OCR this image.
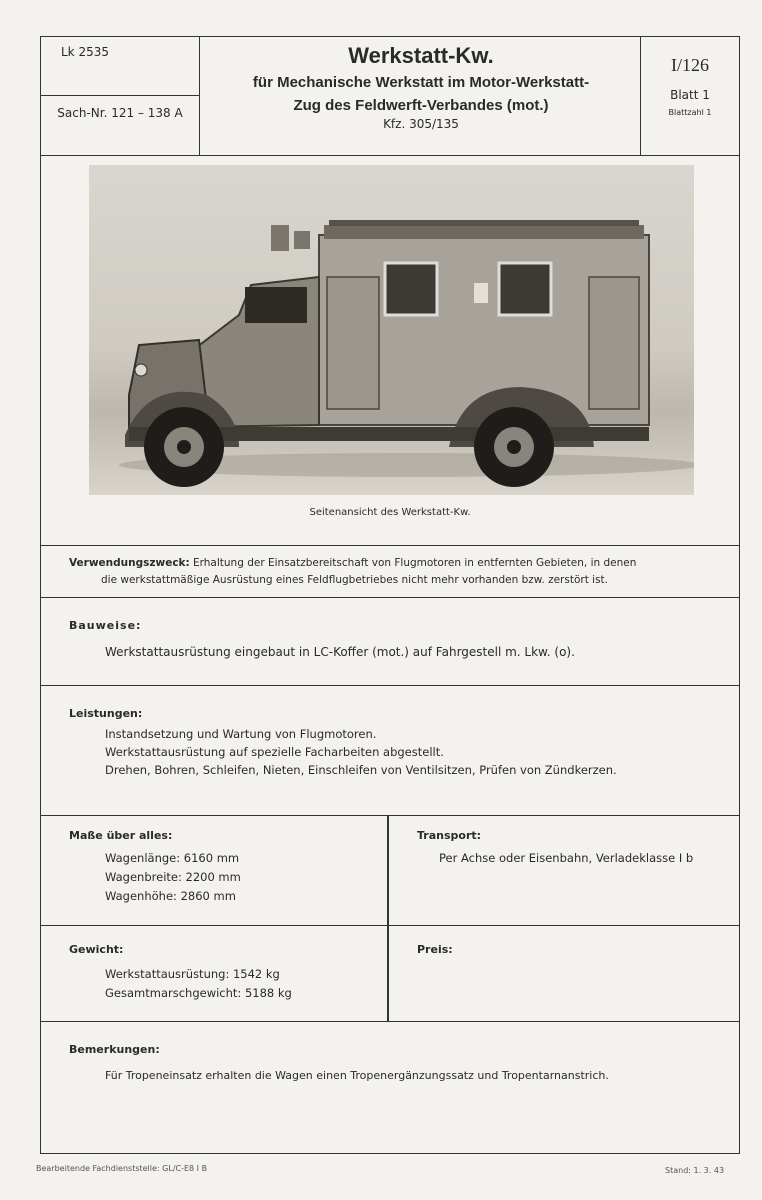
Lk 2535
Sach-Nr. 121 – 138 A
Werkstatt-Kw.
für Mechanische Werkstatt im Motor-Werkstatt-
Zug des Feldwerft-Verbandes (mot.)
Kfz. 305/135
I/126
Blatt 1
Blattzahl 1
Seitenansicht des Werkstatt-Kw.
Verwendungszweck: Erhaltung der Einsatzbereitschaft von Flugmotoren in entfernten Gebieten, in denen
die werkstattmäßige Ausrüstung eines Feldflugbetriebes nicht mehr vorhanden bzw. zerstört ist.
Bauweise:
Werkstattausrüstung eingebaut in LC-Koffer (mot.) auf Fahrgestell m. Lkw. (o).
Leistungen:
Instandsetzung und Wartung von Flugmotoren.
Werkstattausrüstung auf spezielle Facharbeiten abgestellt.
Drehen, Bohren, Schleifen, Nieten, Einschleifen von Ventilsitzen, Prüfen von Zündkerzen.
Maße über alles:
Wagenlänge: 6160 mm
Wagenbreite: 2200 mm
Wagenhöhe: 2860 mm
Transport:
Per Achse oder Eisenbahn, Verladeklasse I b
Gewicht:
Werkstattausrüstung: 1542 kg
Gesamtmarschgewicht: 5188 kg
Preis:
Bemerkungen:
Für Tropeneinsatz erhalten die Wagen einen Tropenergänzungssatz und Tropentarnanstrich.
Bearbeitende Fachdienststelle: GL/C-E8 I B	Stand: 1. 3. 43
